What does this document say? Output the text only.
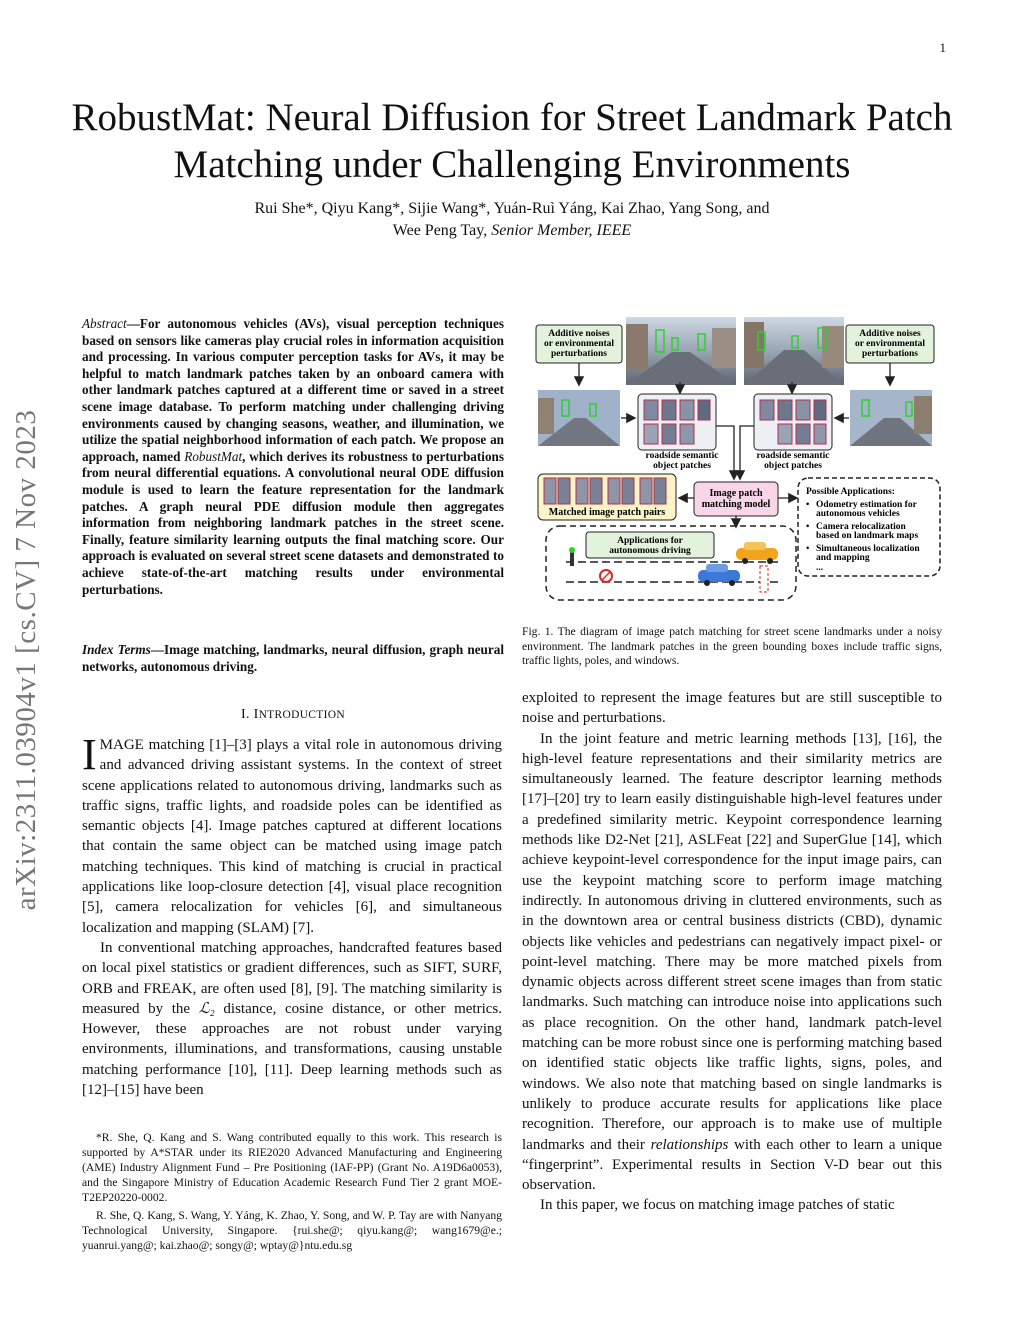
1
arXiv:2311.03904v1 [cs.CV] 7 Nov 2023
RobustMat: Neural Diffusion for Street Landmark Patch Matching under Challenging Environments
Rui She*, Qiyu Kang*, Sijie Wang*, Yuán-Ruì Yáng, Kai Zhao, Yang Song, and
Wee Peng Tay, Senior Member, IEEE
Abstract—For autonomous vehicles (AVs), visual perception techniques based on sensors like cameras play crucial roles in information acquisition and processing. In various computer perception tasks for AVs, it may be helpful to match landmark patches taken by an onboard camera with other landmark patches captured at a different time or saved in a street scene image database. To perform matching under challenging driving environments caused by changing seasons, weather, and illumination, we utilize the spatial neighborhood information of each patch. We propose an approach, named RobustMat, which derives its robustness to perturbations from neural differential equations. A convolutional neural ODE diffusion module is used to learn the feature representation for the landmark patches. A graph neural PDE diffusion module then aggregates information from neighboring landmark patches in the street scene. Finally, feature similarity learning outputs the final matching score. Our approach is evaluated on several street scene datasets and demonstrated to achieve state-of-the-art matching results under environmental perturbations.
Index Terms—Image matching, landmarks, neural diffusion, graph neural networks, autonomous driving.
I. INTRODUCTION

IMAGE matching [1]–[3] plays a vital role in autonomous driving and advanced driving assistant systems. In the context of street scene applications related to autonomous driving, landmarks such as traffic signs, traffic lights, and roadside poles can be identified as semantic objects [4]. Image patches captured at different locations that contain the same object can be matched using image patch matching techniques. This kind of matching is crucial in practical applications like loop-closure detection [4], visual place recognition [5], camera relocalization for vehicles [6], and simultaneous localization and mapping (SLAM) [7].

In conventional matching approaches, handcrafted features based on local pixel statistics or gradient differences, such as SIFT, SURF, ORB and FREAK, are often used [8], [9]. The matching similarity is measured by the ℒ₂ distance, cosine distance, or other metrics. However, these approaches are not robust under varying environments, illuminations, and transformations, causing unstable matching performance [10], [11]. Deep learning methods such as [12]–[15] have been

*R. She, Q. Kang and S. Wang contributed equally to this work. This research is supported by A*STAR under its RIE2020 Advanced Manufacturing and Engineering (AME) Industry Alignment Fund – Pre Positioning (IAF-PP) (Grant No. A19D6a0053), and the Singapore Ministry of Education Academic Research Fund Tier 2 grant MOE-T2EP20220-0002.

R. She, Q. Kang, S. Wang, Y. Yáng, K. Zhao, Y. Song, and W. P. Tay are with Nanyang Technological University, Singapore. {rui.she@; qiyu.kang@; wang1679@e.; yuanrui.yang@; kai.zhao@; songy@; wptay@}ntu.edu.sg

Additive noises
or environmental
perturbations
Additive noises
or environmental
perturbations
roadside semantic
object patches
roadside semantic
object patches
Matched image patch pairs
Image patch
matching model
Possible Applications:
• Odometry estimation for
autonomous vehicles
• Camera relocalization
based on landmark maps
• Simultaneous localization
and mapping
...
Applications for
autonomous driving
Fig. 1. The diagram of image patch matching for street scene landmarks under a noisy environment. The landmark patches in the green bounding boxes include traffic signs, traffic lights, poles, and windows.

exploited to represent the image features but are still susceptible to noise and perturbations.

In the joint feature and metric learning methods [13], [16], the high-level feature representations and their similarity metrics are simultaneously learned. The feature descriptor learning methods [17]–[20] try to learn easily distinguishable high-level features under a predefined similarity metric. Keypoint correspondence learning methods like D2-Net [21], ASLFeat [22] and SuperGlue [14], which achieve keypoint-level correspondence for the input image pairs, can use the keypoint matching score to perform image matching indirectly. In autonomous driving in cluttered environments, such as in the downtown area or central business districts (CBD), dynamic objects like vehicles and pedestrians can negatively impact pixel- or point-level matching. There may be more matched pixels from dynamic objects across different street scene images than from static landmarks. Such matching can introduce noise into applications such as place recognition. On the other hand, landmark patch-level matching can be more robust since one is performing matching based on identified static objects like traffic lights, signs, poles, and windows. We also note that matching based on single landmarks is unlikely to produce accurate results for applications like place recognition. Therefore, our approach is to make use of multiple landmarks and their relationships with each other to learn a unique “fingerprint”. Experimental results in Section V-D bear out this observation.

In this paper, we focus on matching image patches of static
